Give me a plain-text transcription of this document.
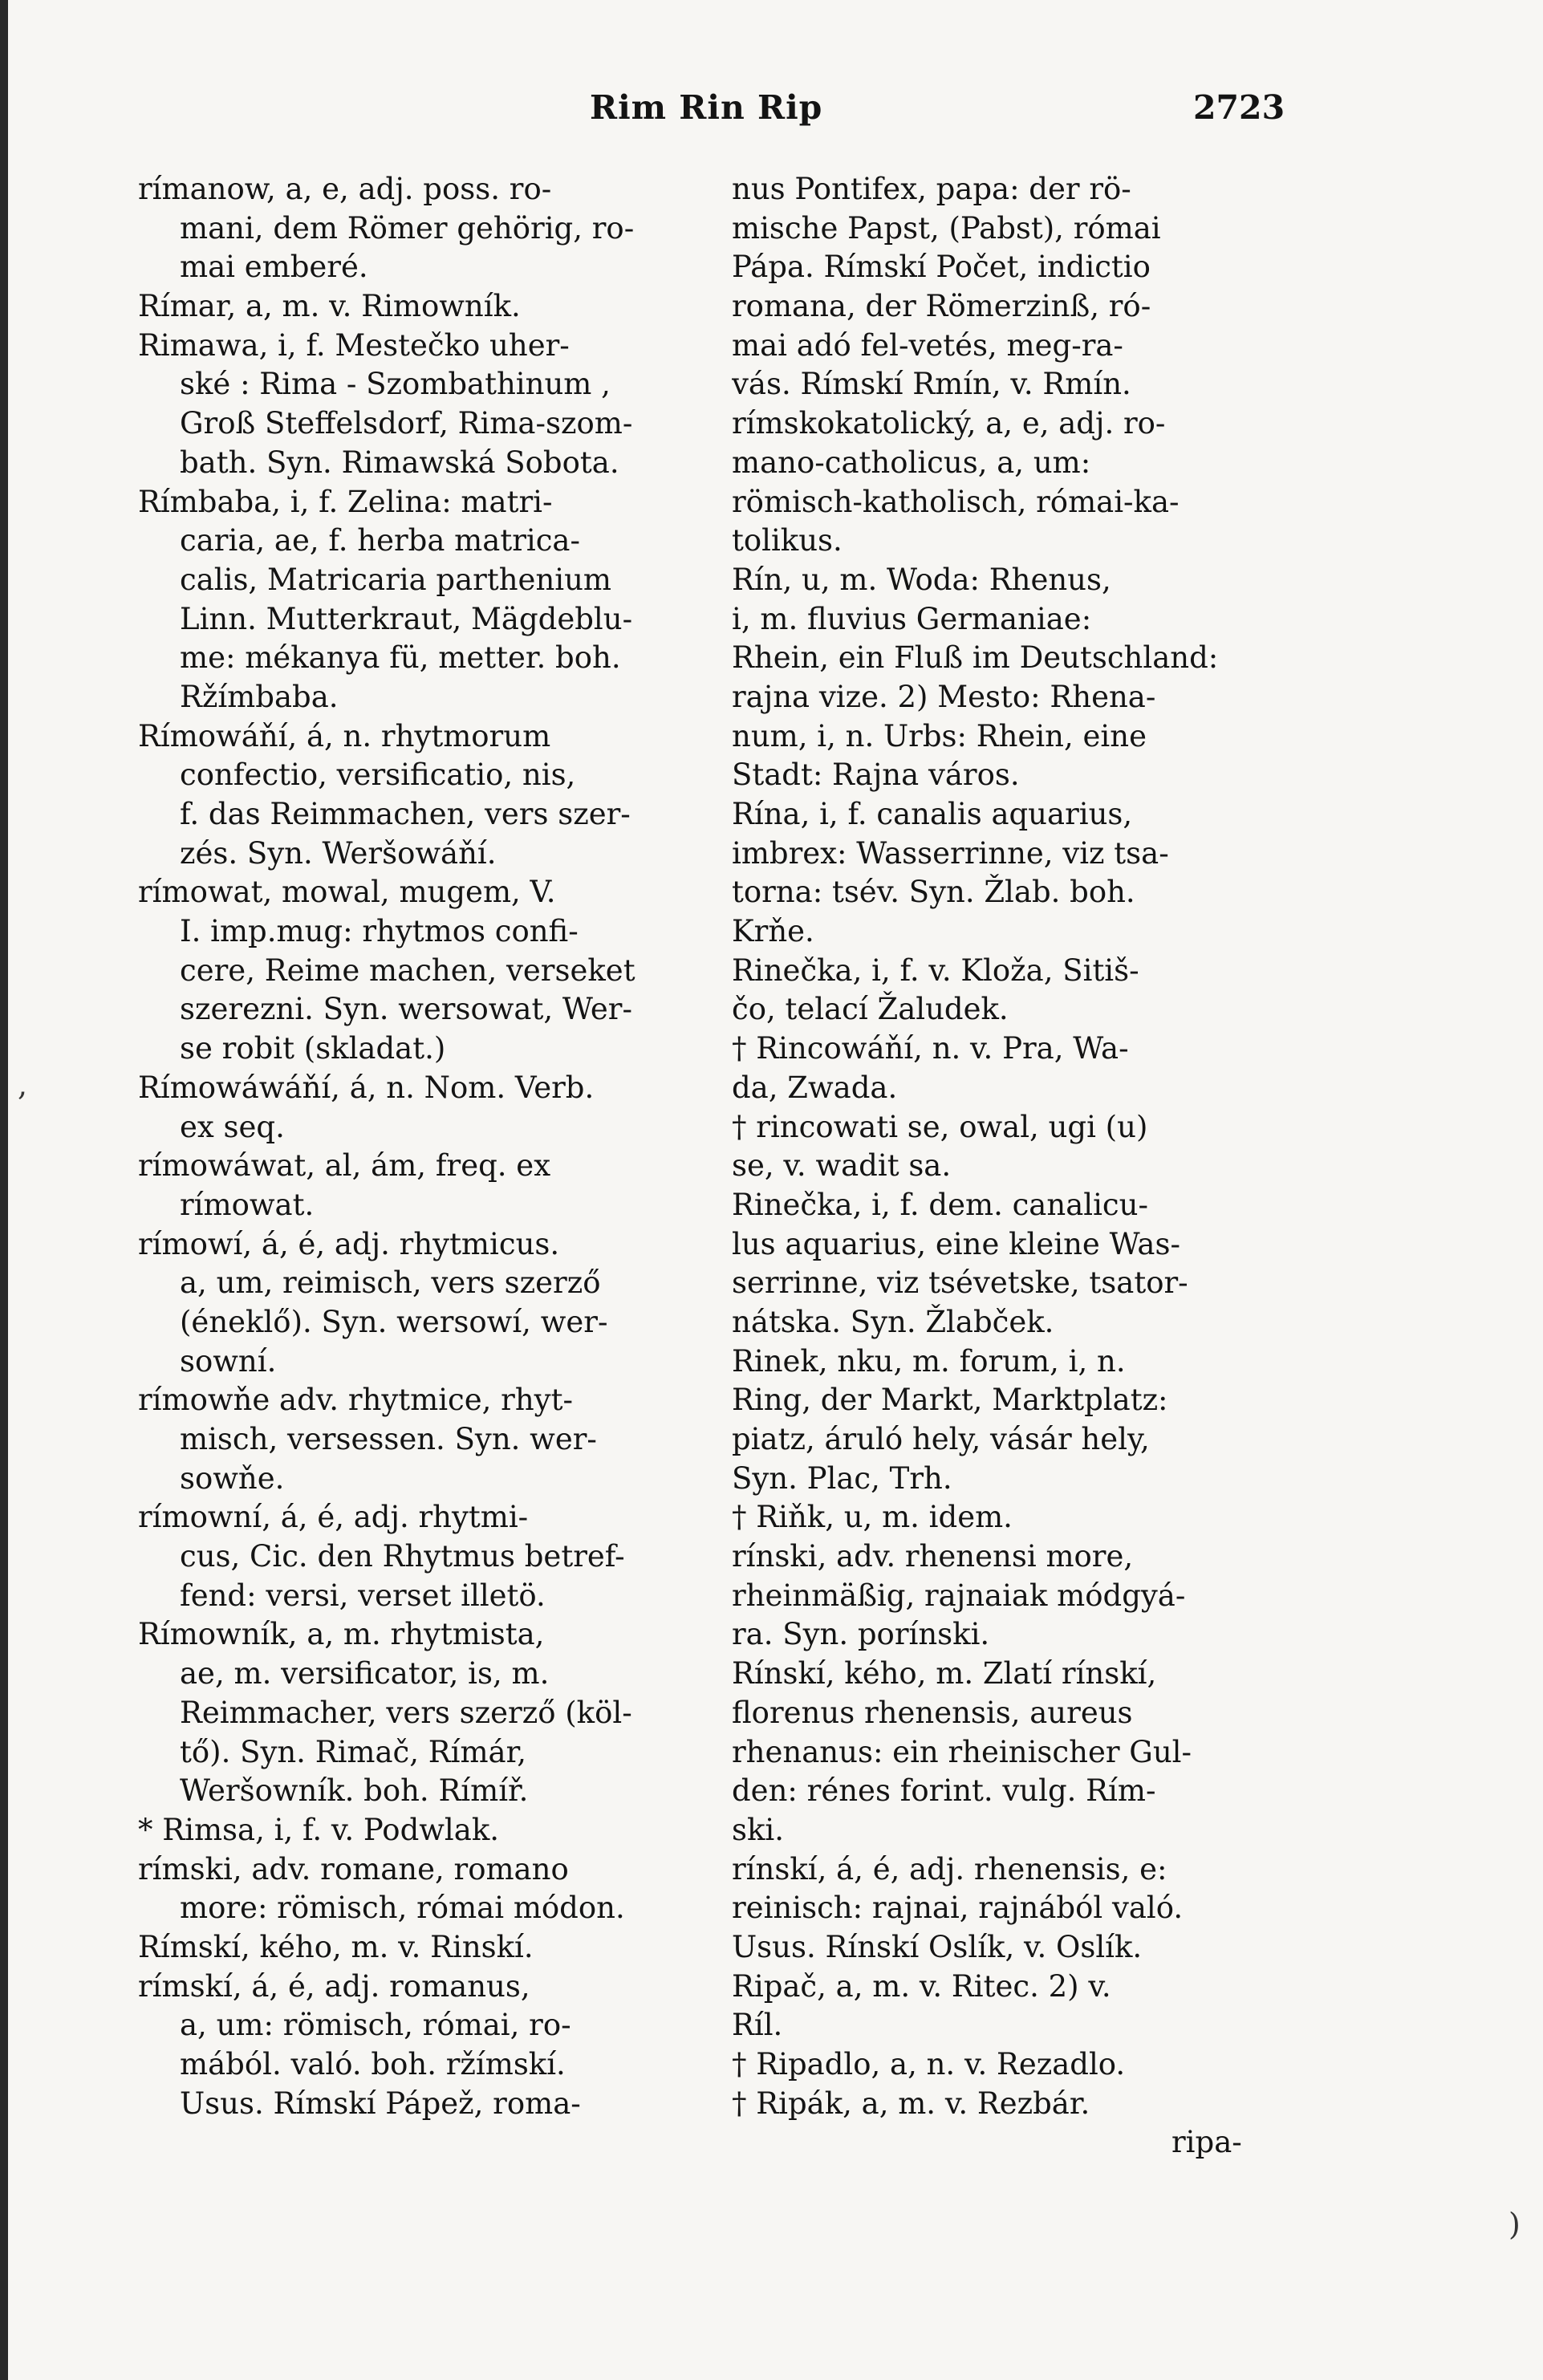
Rim Rin Rip	2723
rímanow, a, e, adj. poss. ro-
mani, dem Römer gehörig, ro-
mai emberé.
Rímar, a, m. v. Rimowník.
Rimawa, i, f. Mestečko uher-
ské : Rima - Szombathinum ,
Groß Steffelsdorf, Rima-szom-
bath. Syn. Rimawská Sobota.
Rímbaba, i, f. Zelina: matri-
caria, ae, f. herba matrica-
calis, Matricaria parthenium
Linn. Mutterkraut, Mägdeblu-
me: mékanya fü, metter. boh.
Ržímbaba.
Rímowáňí, á, n. rhytmorum
confectio, versificatio, nis,
f. das Reimmachen, vers szer-
zés. Syn. Weršowáňí.
rímowat, mowal, mugem, V.
I. imp.mug: rhytmos confi-
cere, Reime machen, verseket
szerezni. Syn. wersowat, Wer-
se robit (skladat.)
Rímowáwáňí, á, n. Nom. Verb.
ex seq.
rímowáwat, al, ám, freq. ex
rímowat.
rímowí, á, é, adj. rhytmicus.
a, um, reimisch, vers szerző
(éneklő). Syn. wersowí, wer-
sowní.
rímowňe adv. rhytmice, rhyt-
misch, versessen. Syn. wer-
sowňe.
rímowní, á, é, adj. rhytmi-
cus, Cic. den Rhytmus betref-
fend: versi, verset illetö.
Rímowník, a, m. rhytmista,
ae, m. versificator, is, m.
Reimmacher, vers szerző (köl-
tő). Syn. Rimač, Rímár,
Weršowník. boh. Rímíř.
* Rimsa, i, f. v. Podwlak.
rímski, adv. romane, romano
more: römisch, római módon.
Rímskí, kého, m. v. Rinskí.
rímskí, á, é, adj. romanus,
a, um: römisch, római, ro-
mából. való. boh. ržímskí.
Usus. Rímskí Pápež, roma-
nus Pontifex, papa: der rö-
mische Papst, (Pabst), római
Pápa. Rímskí Počet, indictio
romana, der Römerzinß, ró-
mai adó fel-vetés, meg-ra-
vás. Rímskí Rmín, v. Rmín.
rímskokatolický, a, e, adj. ro-
mano-catholicus, a, um:
römisch-katholisch, római-ka-
tolikus.
Rín, u, m. Woda: Rhenus,
i, m. fluvius Germaniae:
Rhein, ein Fluß im Deutschland:
rajna vize. 2) Mesto: Rhena-
num, i, n. Urbs: Rhein, eine
Stadt: Rajna város.
Rína, i, f. canalis aquarius,
imbrex: Wasserrinne, viz tsa-
torna: tsév. Syn. Žlab. boh.
Krňe.
Rinečka, i, f. v. Kloža, Sitiš-
čo, telací Žaludek.
† Rincowáňí, n. v. Pra, Wa-
da, Zwada.
† rincowati se, owal, ugi (u)
se, v. wadit sa.
Rinečka, i, f. dem. canalicu-
lus aquarius, eine kleine Was-
serrinne, viz tsévetske, tsator-
nátska. Syn. Žlabček.
Rinek, nku, m. forum, i, n.
Ring, der Markt, Marktplatz:
piatz, áruló hely, vásár hely,
Syn. Plac, Trh.
† Riňk, u, m. idem.
rínski, adv. rhenensi more,
rheinmäßig, rajnaiak módgyá-
ra. Syn. porínski.
Rínskí, kého, m. Zlatí rínskí,
florenus rhenensis, aureus
rhenanus: ein rheinischer Gul-
den: rénes forint. vulg. Rím-
ski.
rínskí, á, é, adj. rhenensis, e:
reinisch: rajnai, rajnából való.
Usus. Rínskí Oslík, v. Oslík.
Ripač, a, m. v. Ritec. 2) v.
Ríl.
† Ripadlo, a, n. v. Rezadlo.
† Ripák, a, m. v. Rezbár.
ripa-
,
)
